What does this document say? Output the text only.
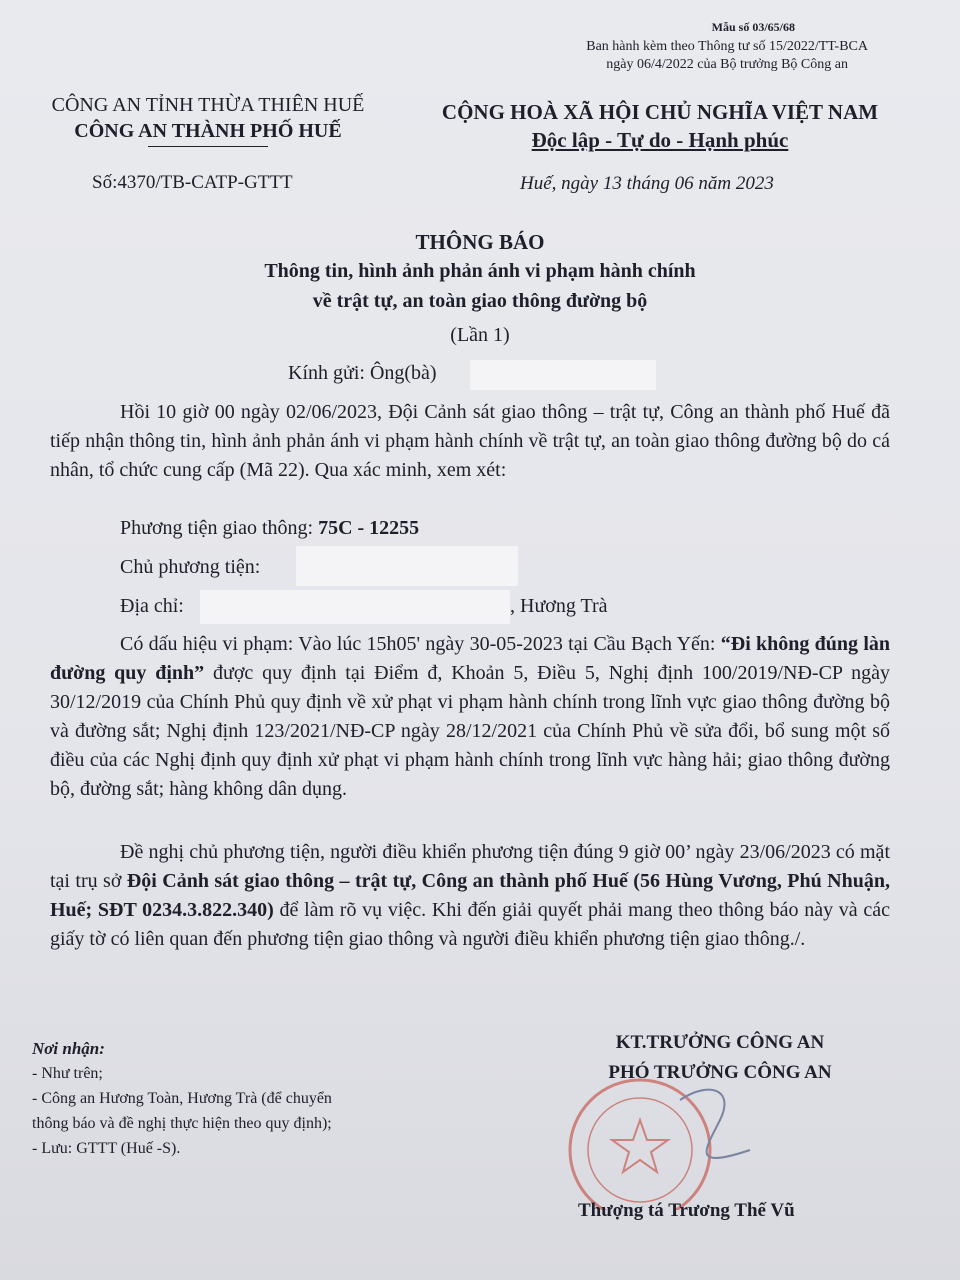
Mẫu số 03/65/68
Ban hành kèm theo Thông tư số 15/2022/TT-BCA
ngày 06/4/2022 của Bộ trưởng Bộ Công an
CÔNG AN TỈNH THỪA THIÊN HUẾ
CÔNG AN THÀNH PHỐ HUẾ
CỘNG HOÀ XÃ HỘI CHỦ NGHĨA VIỆT NAM
Độc lập - Tự do - Hạnh phúc
Số:4370/TB-CATP-GTTT	Huế, ngày 13 tháng 06 năm 2023
THÔNG BÁO
Thông tin, hình ảnh phản ánh vi phạm hành chính
về trật tự, an toàn giao thông đường bộ
(Lần 1)
Kính gửi: Ông(bà)
Hồi 10 giờ 00 ngày 02/06/2023, Đội Cảnh sát giao thông – trật tự, Công an thành phố Huế đã tiếp nhận thông tin, hình ảnh phản ánh vi phạm hành chính về trật tự, an toàn giao thông đường bộ do cá nhân, tổ chức cung cấp (Mã 22). Qua xác minh, xem xét:
Phương tiện giao thông: 75C - 12255
Chủ phương tiện:
Địa chỉ:	, Hương Trà
Có dấu hiệu vi phạm: Vào lúc 15h05' ngày 30-05-2023 tại Cầu Bạch Yến: “Đi không đúng làn đường quy định” được quy định tại Điểm đ, Khoản 5, Điều 5, Nghị định 100/2019/NĐ-CP ngày 30/12/2019 của Chính Phủ quy định về xử phạt vi phạm hành chính trong lĩnh vực giao thông đường bộ và đường sắt; Nghị định 123/2021/NĐ-CP ngày 28/12/2021 của Chính Phủ về sửa đổi, bổ sung một số điều của các Nghị định quy định xử phạt vi phạm hành chính trong lĩnh vực hàng hải; giao thông đường bộ, đường sắt; hàng không dân dụng.
Đề nghị chủ phương tiện, người điều khiển phương tiện đúng 9 giờ 00’ ngày 23/06/2023 có mặt tại trụ sở Đội Cảnh sát giao thông – trật tự, Công an thành phố Huế (56 Hùng Vương, Phú Nhuận, Huế; SĐT 0234.3.822.340) để làm rõ vụ việc. Khi đến giải quyết phải mang theo thông báo này và các giấy tờ có liên quan đến phương tiện giao thông và người điều khiển phương tiện giao thông./.
Nơi nhận:
- Như trên;
- Công an Hương Toàn, Hương Trà (để chuyển
thông báo và đề nghị thực hiện theo quy định);
- Lưu: GTTT (Huế -S).
KT.TRƯỞNG CÔNG AN
PHÓ TRƯỞNG CÔNG AN
Thượng tá Trương Thế Vũ
